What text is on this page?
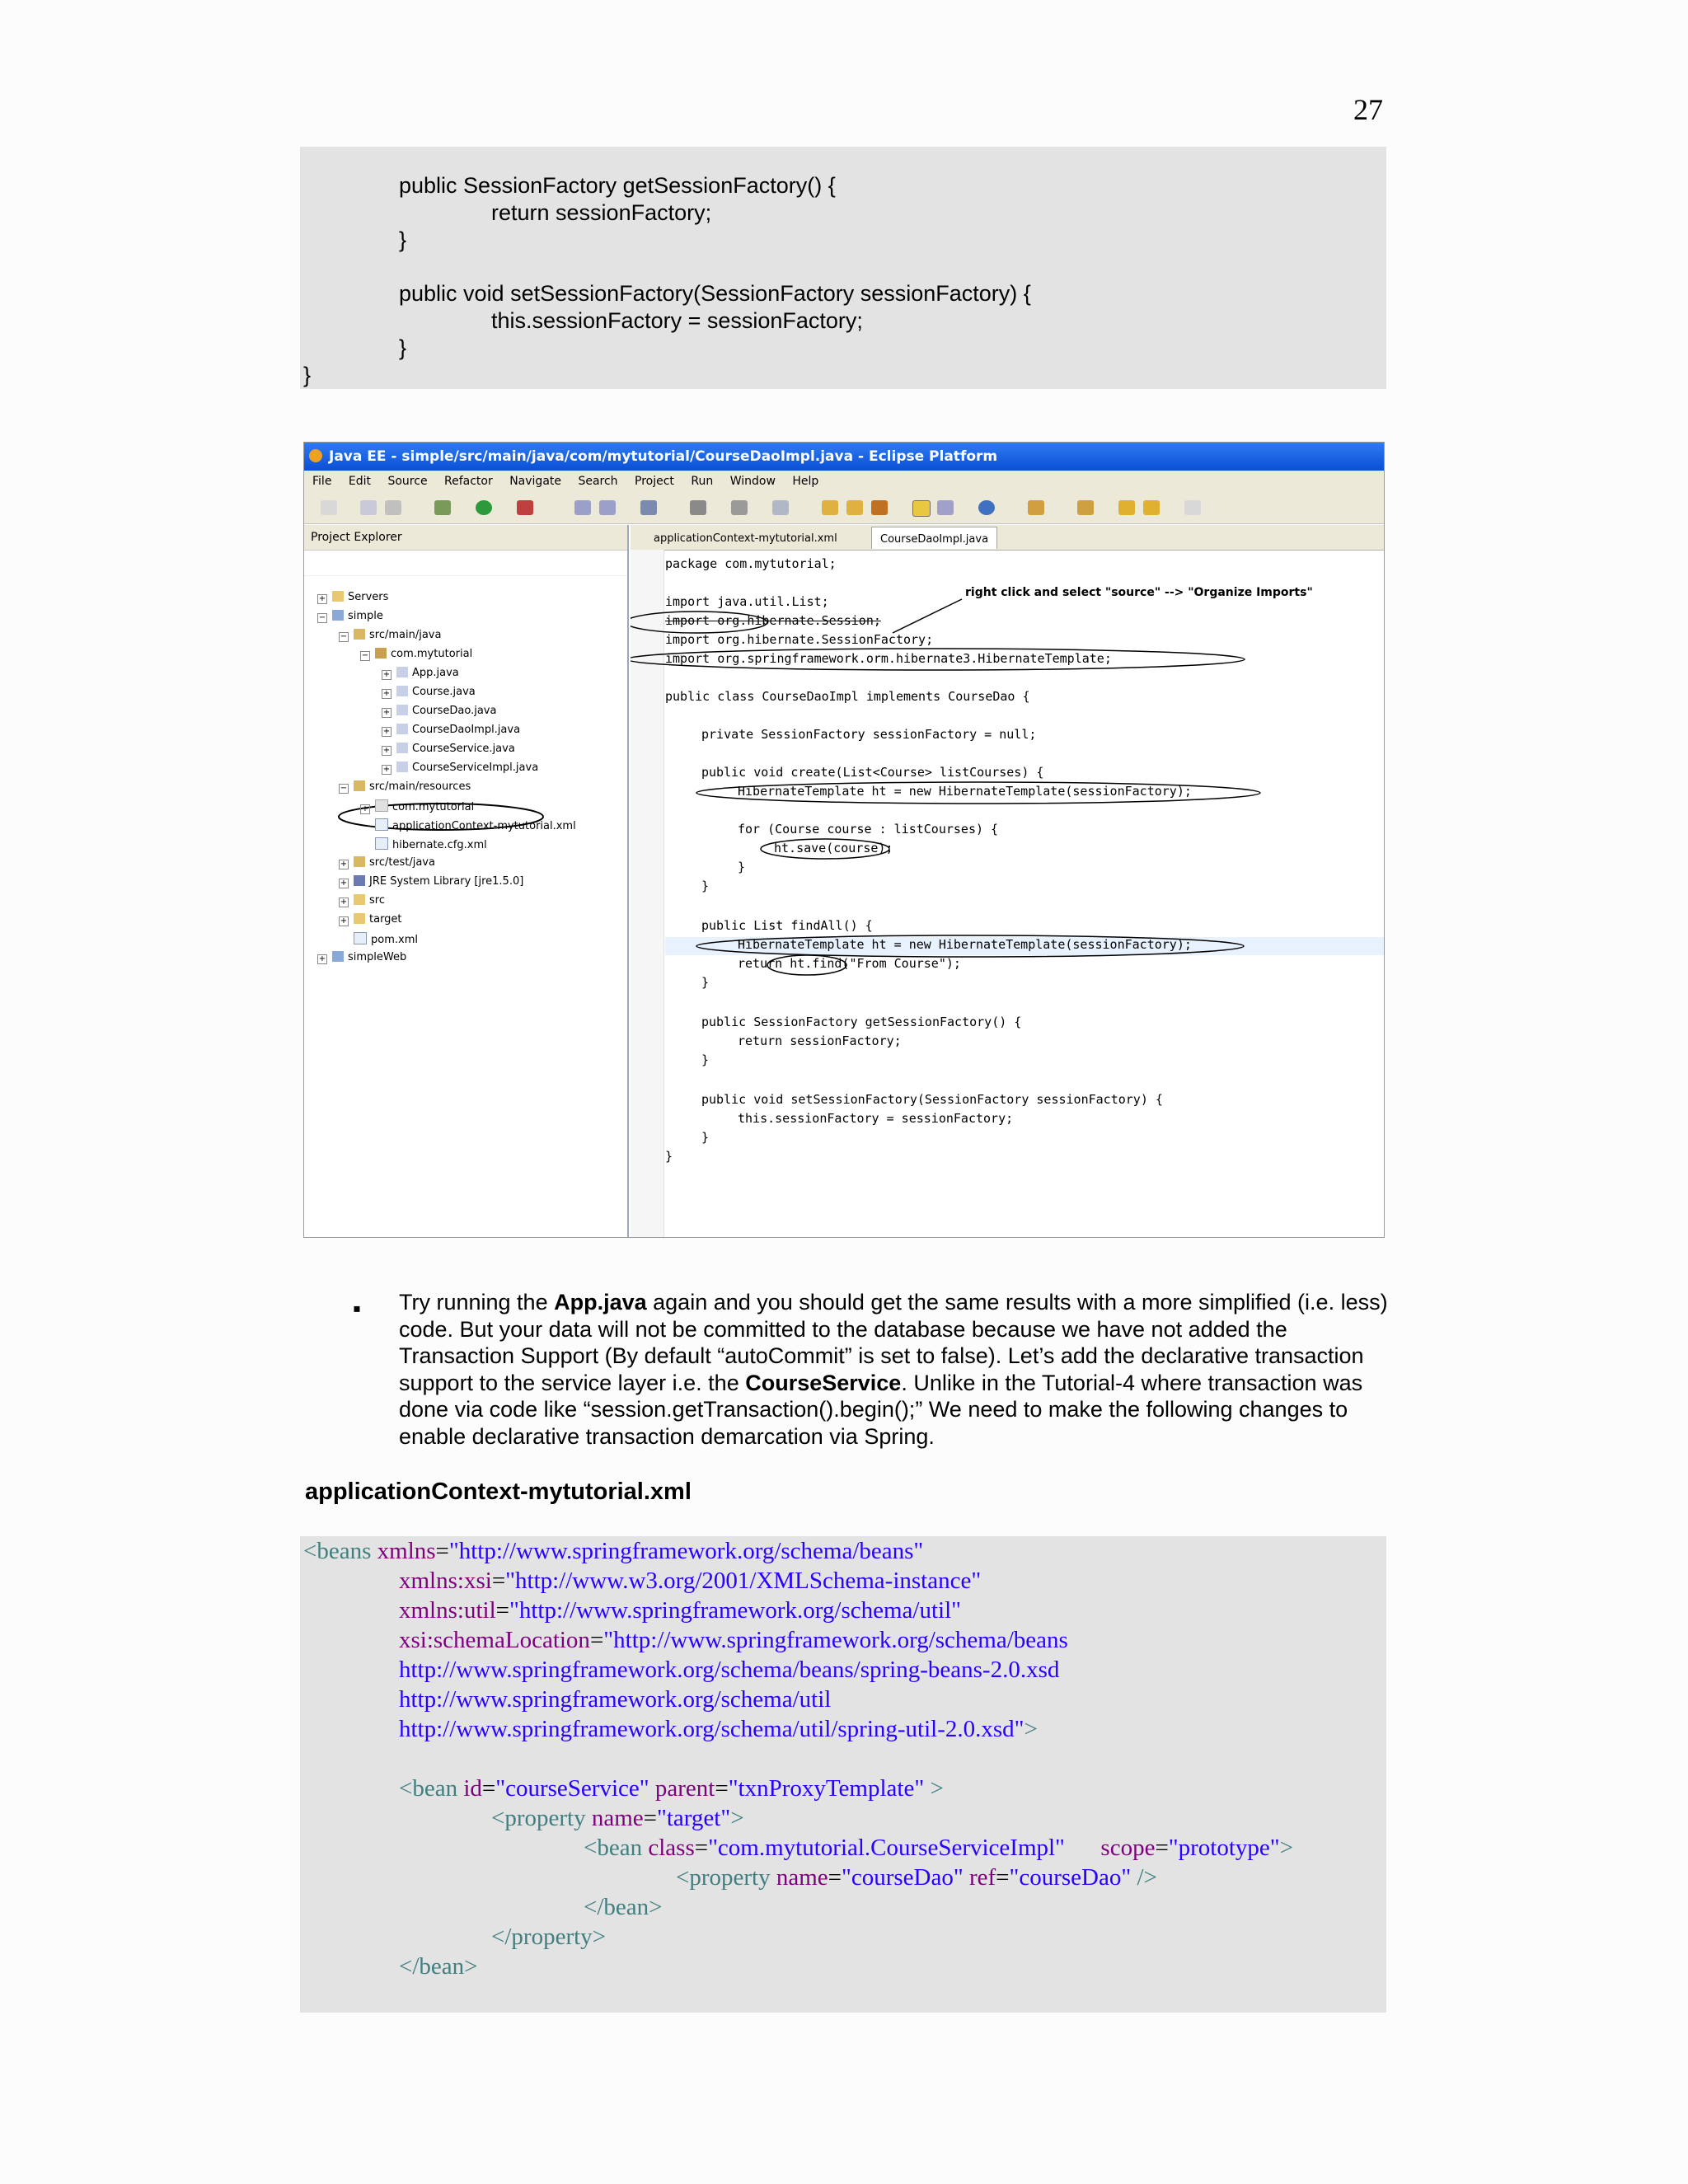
27
public SessionFactory getSessionFactory() {
return sessionFactory;
}
public void setSessionFactory(SessionFactory sessionFactory) {
this.sessionFactory = sessionFactory;
}
}
Java EE - simple/src/main/java/com/mytutorial/CourseDaoImpl.java - Eclipse Platform
File Edit Source Refactor Navigate Search Project Run Window Help
Project Explorer
+ Servers
− simple
− src/main/java
− com.mytutorial
+ App.java
+ Course.java
+ CourseDao.java
+ CourseDaoImpl.java
+ CourseService.java
+ CourseServiceImpl.java
− src/main/resources
+ com.mytutorial
applicationContext-mytutorial.xml
hibernate.cfg.xml
+ src/test/java
+ JRE System Library [jre1.5.0]
+ src
+ target
pom.xml
+ simpleWeb
applicationContext-mytutorial.xml	CourseDaoImpl.java
package com.mytutorial;
import java.util.List;
import org.hibernate.Session;
import org.hibernate.SessionFactory;
import org.springframework.orm.hibernate3.HibernateTemplate;
public class CourseDaoImpl implements CourseDao {
private SessionFactory sessionFactory = null;
public void create(List<Course> listCourses) {
HibernateTemplate ht = new HibernateTemplate(sessionFactory);
for (Course course : listCourses) {
ht.save(course);
}
}
public List findAll() {
HibernateTemplate ht = new HibernateTemplate(sessionFactory);
return ht.find("From Course");
}
public SessionFactory getSessionFactory() {
return sessionFactory;
}
public void setSessionFactory(SessionFactory sessionFactory) {
this.sessionFactory = sessionFactory;
}
}
right click and select "source" --> "Organize Imports"
▪ Try running the App.java again and you should get the same results with a more simplified (i.e. less) code. But your data will not be committed to the database because we have not added the Transaction Support (By default “autoCommit” is set to false). Let’s add the declarative transaction support to the service layer i.e. the CourseService. Unlike in the Tutorial-4 where transaction was done via code like “session.getTransaction().begin();” We need to make the following changes to enable declarative transaction demarcation via Spring.
applicationContext-mytutorial.xml
<beans xmlns="http://www.springframework.org/schema/beans"
xmlns:xsi="http://www.w3.org/2001/XMLSchema-instance"
xmlns:util="http://www.springframework.org/schema/util"
xsi:schemaLocation="http://www.springframework.org/schema/beans
http://www.springframework.org/schema/beans/spring-beans-2.0.xsd
http://www.springframework.org/schema/util
http://www.springframework.org/schema/util/spring-util-2.0.xsd">
<bean id="courseService" parent="txnProxyTemplate" >
<property name="target">
<bean class="com.mytutorial.CourseServiceImpl" scope="prototype">
<property name="courseDao" ref="courseDao" />
</bean>
</property>
</bean>
